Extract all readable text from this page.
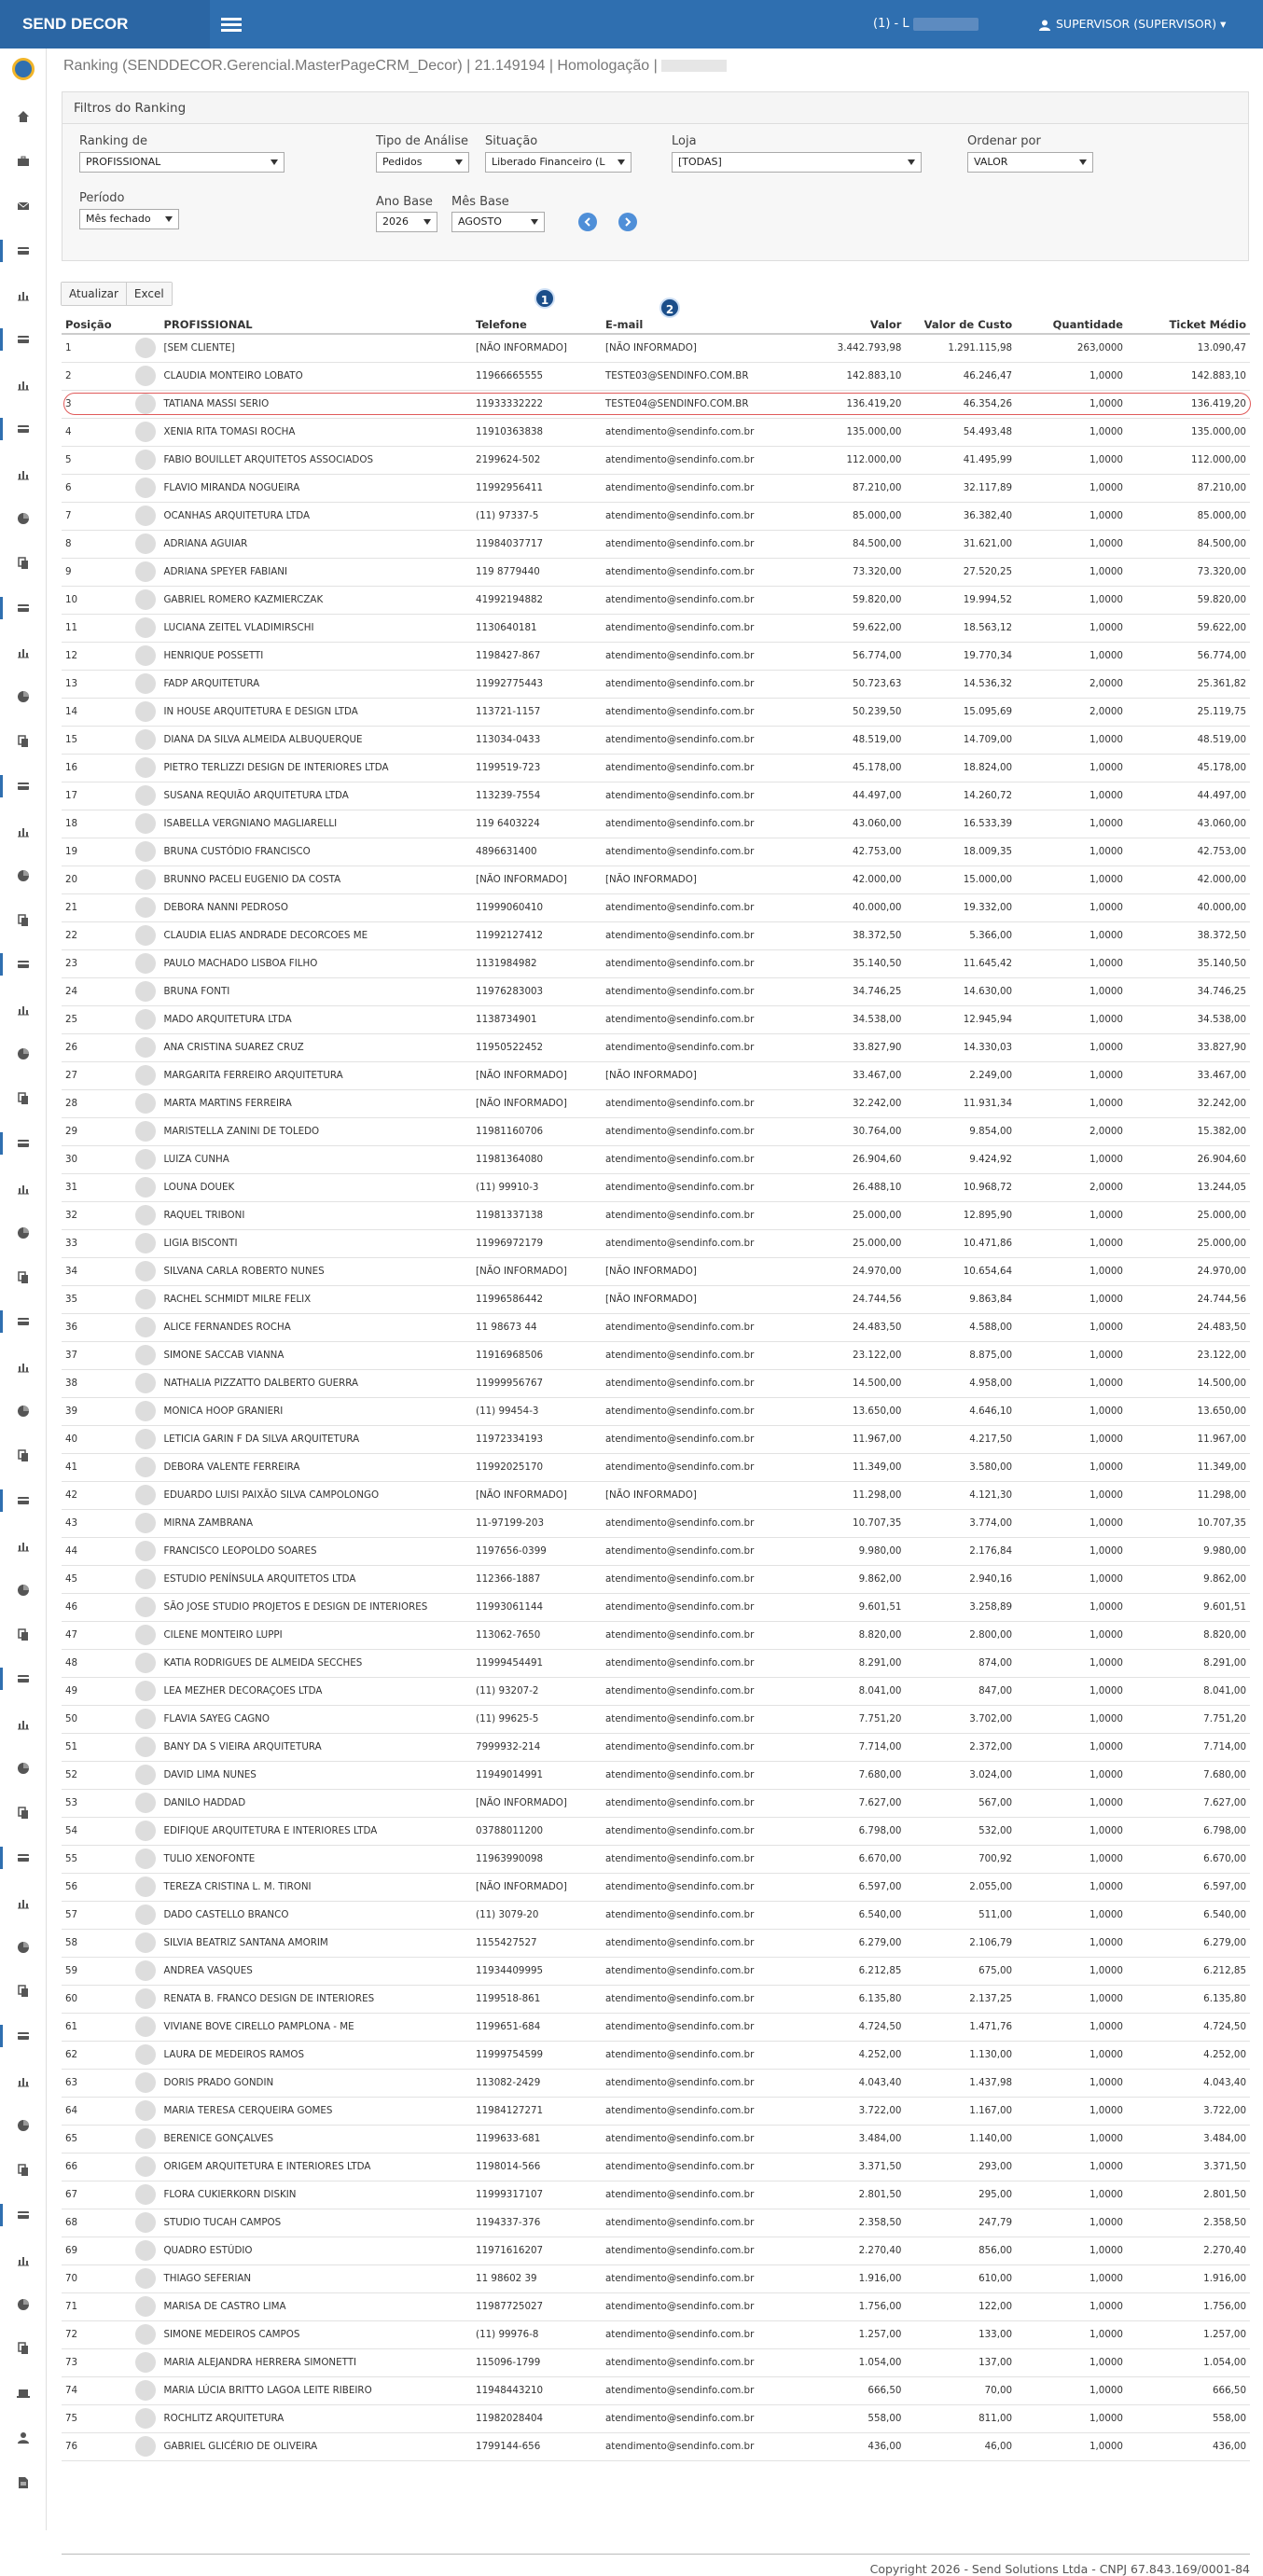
SEND DECOR	(1) - L	SUPERVISOR (SUPERVISOR) ▾
Ranking (SENDDECOR.Gerencial.MasterPageCRM_Decor) | 21.149194 | Homologação |
Filtros do Ranking
Ranking de
PROFISSIONAL
Tipo de Análise
Pedidos
Situação
Liberado Financeiro (L
Loja
[TODAS]
Ordenar por
VALOR
Período
Mês fechado
Ano Base
2026
Mês Base
AGOSTO
Atualizar	Excel	1
2
Posição		PROFISSIONAL	Telefone	E-mail	Valor	Valor de Custo	Quantidade	Ticket Médio
1		[SEM CLIENTE]	[NÃO INFORMADO]	[NÃO INFORMADO]	3.442.793,98	1.291.115,98	263,0000	13.090,47
2		CLAUDIA MONTEIRO LOBATO	11966665555	TESTE03@SENDINFO.COM.BR	142.883,10	46.246,47	1,0000	142.883,10
3		TATIANA MASSI SERIO	11933332222	TESTE04@SENDINFO.COM.BR	136.419,20	46.354,26	1,0000	136.419,20
4		XENIA RITA TOMASI ROCHA	11910363838	atendimento@sendinfo.com.br	135.000,00	54.493,48	1,0000	135.000,00
5		FABIO BOUILLET ARQUITETOS ASSOCIADOS	2199624-502	atendimento@sendinfo.com.br	112.000,00	41.495,99	1,0000	112.000,00
6		FLAVIO MIRANDA NOGUEIRA	11992956411	atendimento@sendinfo.com.br	87.210,00	32.117,89	1,0000	87.210,00
7		OCANHAS ARQUITETURA LTDA	(11) 97337-5	atendimento@sendinfo.com.br	85.000,00	36.382,40	1,0000	85.000,00
8		ADRIANA AGUIAR	11984037717	atendimento@sendinfo.com.br	84.500,00	31.621,00	1,0000	84.500,00
9		ADRIANA SPEYER FABIANI	119 8779440	atendimento@sendinfo.com.br	73.320,00	27.520,25	1,0000	73.320,00
10		GABRIEL ROMERO KAZMIERCZAK	41992194882	atendimento@sendinfo.com.br	59.820,00	19.994,52	1,0000	59.820,00
11		LUCIANA ZEITEL VLADIMIRSCHI	1130640181	atendimento@sendinfo.com.br	59.622,00	18.563,12	1,0000	59.622,00
12		HENRIQUE POSSETTI	1198427-867	atendimento@sendinfo.com.br	56.774,00	19.770,34	1,0000	56.774,00
13		FADP ARQUITETURA	11992775443	atendimento@sendinfo.com.br	50.723,63	14.536,32	2,0000	25.361,82
14		IN HOUSE ARQUITETURA E DESIGN LTDA	113721-1157	atendimento@sendinfo.com.br	50.239,50	15.095,69	2,0000	25.119,75
15		DIANA DA SILVA ALMEIDA ALBUQUERQUE	113034-0433	atendimento@sendinfo.com.br	48.519,00	14.709,00	1,0000	48.519,00
16		PIETRO TERLIZZI DESIGN DE INTERIORES LTDA	1199519-723	atendimento@sendinfo.com.br	45.178,00	18.824,00	1,0000	45.178,00
17		SUSANA REQUIÃO ARQUITETURA LTDA	113239-7554	atendimento@sendinfo.com.br	44.497,00	14.260,72	1,0000	44.497,00
18		ISABELLA VERGNIANO MAGLIARELLI	119 6403224	atendimento@sendinfo.com.br	43.060,00	16.533,39	1,0000	43.060,00
19		BRUNA CUSTÓDIO FRANCISCO	4896631400	atendimento@sendinfo.com.br	42.753,00	18.009,35	1,0000	42.753,00
20		BRUNNO PACELI EUGENIO DA COSTA	[NÃO INFORMADO]	[NÃO INFORMADO]	42.000,00	15.000,00	1,0000	42.000,00
21		DEBORA NANNI PEDROSO	11999060410	atendimento@sendinfo.com.br	40.000,00	19.332,00	1,0000	40.000,00
22		CLAUDIA ELIAS ANDRADE DECORCOES ME	11992127412	atendimento@sendinfo.com.br	38.372,50	5.366,00	1,0000	38.372,50
23		PAULO MACHADO LISBOA FILHO	1131984982	atendimento@sendinfo.com.br	35.140,50	11.645,42	1,0000	35.140,50
24		BRUNA FONTI	11976283003	atendimento@sendinfo.com.br	34.746,25	14.630,00	1,0000	34.746,25
25		MADO ARQUITETURA LTDA	1138734901	atendimento@sendinfo.com.br	34.538,00	12.945,94	1,0000	34.538,00
26		ANA CRISTINA SUAREZ CRUZ	11950522452	atendimento@sendinfo.com.br	33.827,90	14.330,03	1,0000	33.827,90
27		MARGARITA FERREIRO ARQUITETURA	[NÃO INFORMADO]	[NÃO INFORMADO]	33.467,00	2.249,00	1,0000	33.467,00
28		MARTA MARTINS FERREIRA	[NÃO INFORMADO]	atendimento@sendinfo.com.br	32.242,00	11.931,34	1,0000	32.242,00
29		MARISTELLA ZANINI DE TOLEDO	11981160706	atendimento@sendinfo.com.br	30.764,00	9.854,00	2,0000	15.382,00
30		LUIZA CUNHA	11981364080	atendimento@sendinfo.com.br	26.904,60	9.424,92	1,0000	26.904,60
31		LOUNA DOUEK	(11) 99910-3	atendimento@sendinfo.com.br	26.488,10	10.968,72	2,0000	13.244,05
32		RAQUEL TRIBONI	11981337138	atendimento@sendinfo.com.br	25.000,00	12.895,90	1,0000	25.000,00
33		LIGIA BISCONTI	11996972179	atendimento@sendinfo.com.br	25.000,00	10.471,86	1,0000	25.000,00
34		SILVANA CARLA ROBERTO NUNES	[NÃO INFORMADO]	[NÃO INFORMADO]	24.970,00	10.654,64	1,0000	24.970,00
35		RACHEL SCHMIDT MILRE FELIX	11996586442	[NÃO INFORMADO]	24.744,56	9.863,84	1,0000	24.744,56
36		ALICE FERNANDES ROCHA	11 98673 44	atendimento@sendinfo.com.br	24.483,50	4.588,00	1,0000	24.483,50
37		SIMONE SACCAB VIANNA	11916968506	atendimento@sendinfo.com.br	23.122,00	8.875,00	1,0000	23.122,00
38		NATHALIA PIZZATTO DALBERTO GUERRA	11999956767	atendimento@sendinfo.com.br	14.500,00	4.958,00	1,0000	14.500,00
39		MONICA HOOP GRANIERI	(11) 99454-3	atendimento@sendinfo.com.br	13.650,00	4.646,10	1,0000	13.650,00
40		LETICIA GARIN F DA SILVA ARQUITETURA	11972334193	atendimento@sendinfo.com.br	11.967,00	4.217,50	1,0000	11.967,00
41		DEBORA VALENTE FERREIRA	11992025170	atendimento@sendinfo.com.br	11.349,00	3.580,00	1,0000	11.349,00
42		EDUARDO LUISI PAIXÃO SILVA CAMPOLONGO	[NÃO INFORMADO]	[NÃO INFORMADO]	11.298,00	4.121,30	1,0000	11.298,00
43		MIRNA ZAMBRANA	11-97199-203	atendimento@sendinfo.com.br	10.707,35	3.774,00	1,0000	10.707,35
44		FRANCISCO LEOPOLDO SOARES	1197656-0399	atendimento@sendinfo.com.br	9.980,00	2.176,84	1,0000	9.980,00
45		ESTUDIO PENÍNSULA ARQUITETOS LTDA	112366-1887	atendimento@sendinfo.com.br	9.862,00	2.940,16	1,0000	9.862,00
46		SÃO JOSE STUDIO PROJETOS E DESIGN DE INTERIORES	11993061144	atendimento@sendinfo.com.br	9.601,51	3.258,89	1,0000	9.601,51
47		CILENE MONTEIRO LUPPI	113062-7650	atendimento@sendinfo.com.br	8.820,00	2.800,00	1,0000	8.820,00
48		KATIA RODRIGUES DE ALMEIDA SECCHES	11999454491	atendimento@sendinfo.com.br	8.291,00	874,00	1,0000	8.291,00
49		LEA MEZHER DECORAÇOES LTDA	(11) 93207-2	atendimento@sendinfo.com.br	8.041,00	847,00	1,0000	8.041,00
50		FLAVIA SAYEG CAGNO	(11) 99625-5	atendimento@sendinfo.com.br	7.751,20	3.702,00	1,0000	7.751,20
51		BANY DA S VIEIRA ARQUITETURA	7999932-214	atendimento@sendinfo.com.br	7.714,00	2.372,00	1,0000	7.714,00
52		DAVID LIMA NUNES	11949014991	atendimento@sendinfo.com.br	7.680,00	3.024,00	1,0000	7.680,00
53		DANILO HADDAD	[NÃO INFORMADO]	atendimento@sendinfo.com.br	7.627,00	567,00	1,0000	7.627,00
54		EDIFIQUE ARQUITETURA E INTERIORES LTDA	03788011200	atendimento@sendinfo.com.br	6.798,00	532,00	1,0000	6.798,00
55		TULIO XENOFONTE	11963990098	atendimento@sendinfo.com.br	6.670,00	700,92	1,0000	6.670,00
56		TEREZA CRISTINA L. M. TIRONI	[NÃO INFORMADO]	atendimento@sendinfo.com.br	6.597,00	2.055,00	1,0000	6.597,00
57		DADO CASTELLO BRANCO	(11) 3079-20	atendimento@sendinfo.com.br	6.540,00	511,00	1,0000	6.540,00
58		SILVIA BEATRIZ SANTANA AMORIM	1155427527	atendimento@sendinfo.com.br	6.279,00	2.106,79	1,0000	6.279,00
59		ANDREA VASQUES	11934409995	atendimento@sendinfo.com.br	6.212,85	675,00	1,0000	6.212,85
60		RENATA B. FRANCO DESIGN DE INTERIORES	1199518-861	atendimento@sendinfo.com.br	6.135,80	2.137,25	1,0000	6.135,80
61		VIVIANE BOVE CIRELLO PAMPLONA - ME	1199651-684	atendimento@sendinfo.com.br	4.724,50	1.471,76	1,0000	4.724,50
62		LAURA DE MEDEIROS RAMOS	11999754599	atendimento@sendinfo.com.br	4.252,00	1.130,00	1,0000	4.252,00
63		DORIS PRADO GONDIN	113082-2429	atendimento@sendinfo.com.br	4.043,40	1.437,98	1,0000	4.043,40
64		MARIA TERESA CERQUEIRA GOMES	11984127271	atendimento@sendinfo.com.br	3.722,00	1.167,00	1,0000	3.722,00
65		BERENICE GONÇALVES	1199633-681	atendimento@sendinfo.com.br	3.484,00	1.140,00	1,0000	3.484,00
66		ORIGEM ARQUITETURA E INTERIORES LTDA	1198014-566	atendimento@sendinfo.com.br	3.371,50	293,00	1,0000	3.371,50
67		FLORA CUKIERKORN DISKIN	11999317107	atendimento@sendinfo.com.br	2.801,50	295,00	1,0000	2.801,50
68		STUDIO TUCAH CAMPOS	1194337-376	atendimento@sendinfo.com.br	2.358,50	247,79	1,0000	2.358,50
69		QUADRO ESTÚDIO	11971616207	atendimento@sendinfo.com.br	2.270,40	856,00	1,0000	2.270,40
70		THIAGO SEFERIAN	11 98602 39	atendimento@sendinfo.com.br	1.916,00	610,00	1,0000	1.916,00
71		MARISA DE CASTRO LIMA	11987725027	atendimento@sendinfo.com.br	1.756,00	122,00	1,0000	1.756,00
72		SIMONE MEDEIROS CAMPOS	(11) 99976-8	atendimento@sendinfo.com.br	1.257,00	133,00	1,0000	1.257,00
73		MARIA ALEJANDRA HERRERA SIMONETTI	115096-1799	atendimento@sendinfo.com.br	1.054,00	137,00	1,0000	1.054,00
74		MARIA LÚCIA BRITTO LAGOA LEITE RIBEIRO	11948443210	atendimento@sendinfo.com.br	666,50	70,00	1,0000	666,50
75		ROCHLITZ ARQUITETURA	11982028404	atendimento@sendinfo.com.br	558,00	811,00	1,0000	558,00
76		GABRIEL GLICÉRIO DE OLIVEIRA	1799144-656	atendimento@sendinfo.com.br	436,00	46,00	1,0000	436,00
Copyright 2026 - Send Solutions Ltda - CNPJ 67.843.169/0001-84
